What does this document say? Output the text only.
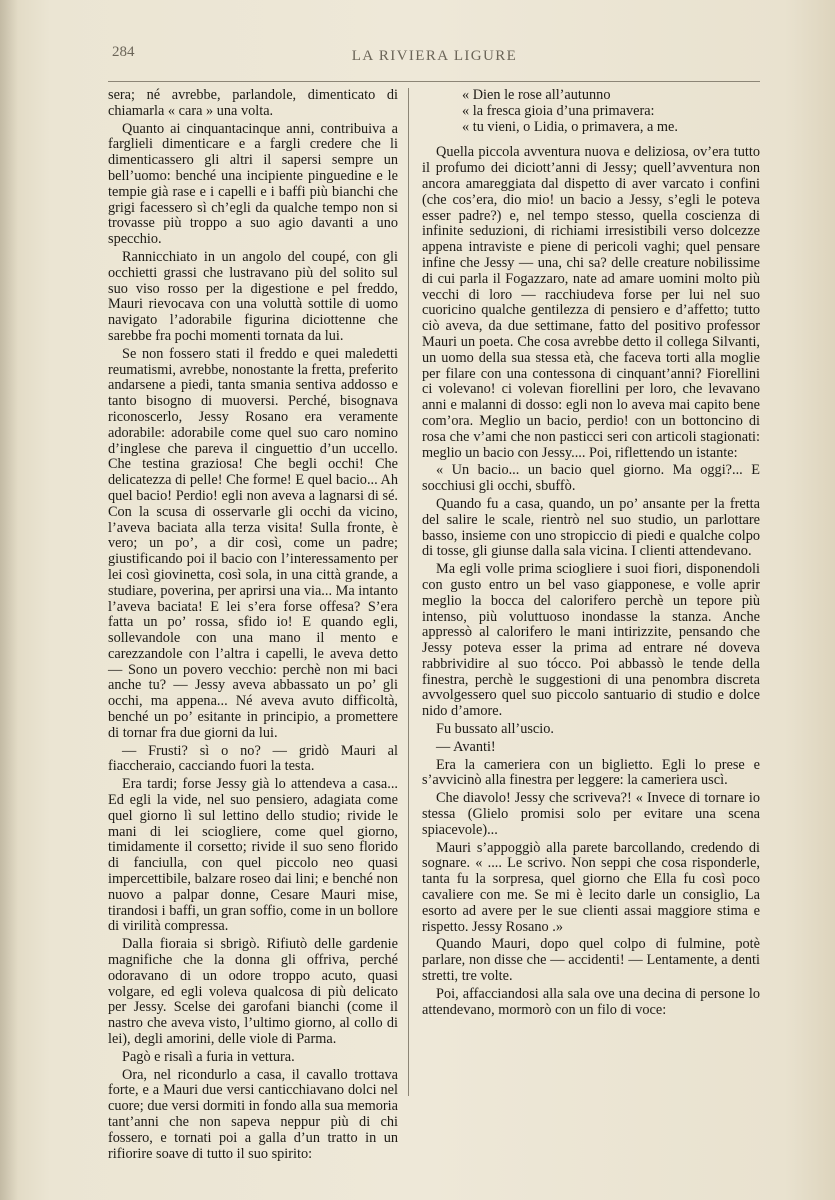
284	LA RIVIERA LIGURE

sera; né avrebbe, parlandole, dimenticato di chiamarla « cara » una volta.

Quanto ai cinquantacinque anni, contribuiva a farglieli dimenticare e a fargli credere che li dimenticassero gli altri il sapersi sempre un bell’uomo: benché una incipiente pinguedine e le tempie già rase e i capelli e i baffi più bianchi che grigi facessero sì ch’egli da qualche tempo non si trovasse più troppo a suo agio davanti a uno specchio.

Rannicchiato in un angolo del coupé, con gli occhietti grassi che lustravano più del solito sul suo viso rosso per la digestione e pel freddo, Mauri rievocava con una voluttà sottile di uomo navigato l’adorabile figurina diciottenne che sarebbe fra pochi momenti tornata da lui.

Se non fossero stati il freddo e quei maledetti reumatismi, avrebbe, nonostante la fretta, preferito andarsene a piedi, tanta smania sentiva addosso e tanto bisogno di muoversi. Perché, bisognava riconoscerlo, Jessy Rosano era veramente adorabile: adorabile come quel suo caro nomino d’inglese che pareva il cinguettio d’un uccello. Che testina graziosa! Che begli occhi! Che delicatezza di pelle! Che forme! E quel bacio... Ah quel bacio! Perdio! egli non aveva a lagnarsi di sé. Con la scusa di osservarle gli occhi da vicino, l’aveva baciata alla terza visita! Sulla fronte, è vero; un po’, a dir così, come un padre; giustificando poi il bacio con l’interessamento per lei così giovinetta, così sola, in una città grande, a studiare, poverina, per aprirsi una via... Ma intanto l’aveva baciata! E lei s’era forse offesa? S’era fatta un po’ rossa, sfido io! E quando egli, sollevandole con una mano il mento e carezzandole con l’altra i capelli, le aveva detto — Sono un povero vecchio: perchè non mi baci anche tu? — Jessy aveva abbassato un po’ gli occhi, ma appena... Né aveva avuto difficoltà, benché un po’ esitante in principio, a promettere di tornar fra due giorni da lui.

— Frusti? sì o no? — gridò Mauri al fiaccheraio, cacciando fuori la testa.

Era tardi; forse Jessy già lo attendeva a casa... Ed egli la vide, nel suo pensiero, adagiata come quel giorno lì sul lettino dello studio; rivide le mani di lei sciogliere, come quel giorno, timidamente il corsetto; rivide il suo seno florido di fanciulla, con quel piccolo neo quasi impercettibile, balzare roseo dai lini; e benché non nuovo a palpar donne, Cesare Mauri mise, tirandosi i baffi, un gran soffio, come in un bollore di virilità compressa.

Dalla fioraia si sbrigò. Rifiutò delle gardenie magnifiche che la donna gli offriva, perché odoravano di un odore troppo acuto, quasi volgare, ed egli voleva qualcosa di più delicato per Jessy. Scelse dei garofani bianchi (come il nastro che aveva visto, l’ultimo giorno, al collo di lei), degli amorini, delle viole di Parma.

Pagò e risalì a furia in vettura.

Ora, nel ricondurlo a casa, il cavallo trottava forte, e a Mauri due versi canticchiavano dolci nel cuore; due versi dormiti in fondo alla sua memoria tant’anni che non sapeva neppur più di chi fossero, e tornati poi a galla d’un tratto in un rifiorire soave di tutto il suo spirito:

« Dien le rose all’autunno

« la fresca gioia d’una primavera:

« tu vieni, o Lidia, o primavera, a me.

Quella piccola avventura nuova e deliziosa, ov’era tutto il profumo dei diciott’anni di Jessy; quell’avventura non ancora amareggiata dal dispetto di aver varcato i confini (che cos’era, dio mio! un bacio a Jessy, s’egli le poteva esser padre?) e, nel tempo stesso, quella coscienza di infinite seduzioni, di richiami irresistibili verso dolcezze appena intraviste e piene di pericoli vaghi; quel pensare infine che Jessy — una, chi sa? delle creature nobilissime di cui parla il Fogazzaro, nate ad amare uomini molto più vecchi di loro — racchiudeva forse per lui nel suo cuoricino qualche gentilezza di pensiero e d’affetto; tutto ciò aveva, da due settimane, fatto del positivo professor Mauri un poeta. Che cosa avrebbe detto il collega Silvanti, un uomo della sua stessa età, che faceva torti alla moglie per filare con una contessona di cinquant’anni? Fiorellini ci volevano! ci volevan fiorellini per loro, che levavano anni e malanni di dosso: egli non lo aveva mai capito bene com’ora. Meglio un bacio, perdio! con un bottoncino di rosa che v’ami che non pasticci seri con articoli stagionati: meglio un bacio con Jessy.... Poi, riflettendo un istante:

« Un bacio... un bacio quel giorno. Ma oggi?... E socchiusi gli occhi, sbuffò.

Quando fu a casa, quando, un po’ ansante per la fretta del salire le scale, rientrò nel suo studio, un parlottare basso, insieme con uno stropiccio di piedi e qualche colpo di tosse, gli giunse dalla sala vicina. I clienti attendevano.

Ma egli volle prima sciogliere i suoi fiori, disponendoli con gusto entro un bel vaso giapponese, e volle aprir meglio la bocca del calorifero perchè un tepore più intenso, più voluttuoso inondasse la stanza. Anche appressò al calorifero le mani intirizzite, pensando che Jessy poteva esser la prima ad entrare né doveva rabbrividire al suo tócco. Poi abbassò le tende della finestra, perchè le suggestioni di una penombra discreta avvolgessero quel suo piccolo santuario di studio e dolce nido d’amore.

Fu bussato all’uscio.

— Avanti!

Era la cameriera con un biglietto. Egli lo prese e s’avvicinò alla finestra per leggere: la cameriera uscì.

Che diavolo! Jessy che scriveva?! « Invece di tornare io stessa (Glielo promisi solo per evitare una scena spiacevole)...

Mauri s’appoggiò alla parete barcollando, credendo di sognare. « .... Le scrivo. Non seppi che cosa risponderle, tanta fu la sorpresa, quel giorno che Ella fu così poco cavaliere con me. Se mi è lecito darle un consiglio, La esorto ad avere per le sue clienti assai maggiore stima e rispetto. Jessy Rosano .»

Quando Mauri, dopo quel colpo di fulmine, potè parlare, non disse che — accidenti! — Lentamente, a denti stretti, tre volte.

Poi, affacciandosi alla sala ove una decina di persone lo attendevano, mormorò con un filo di voce:
